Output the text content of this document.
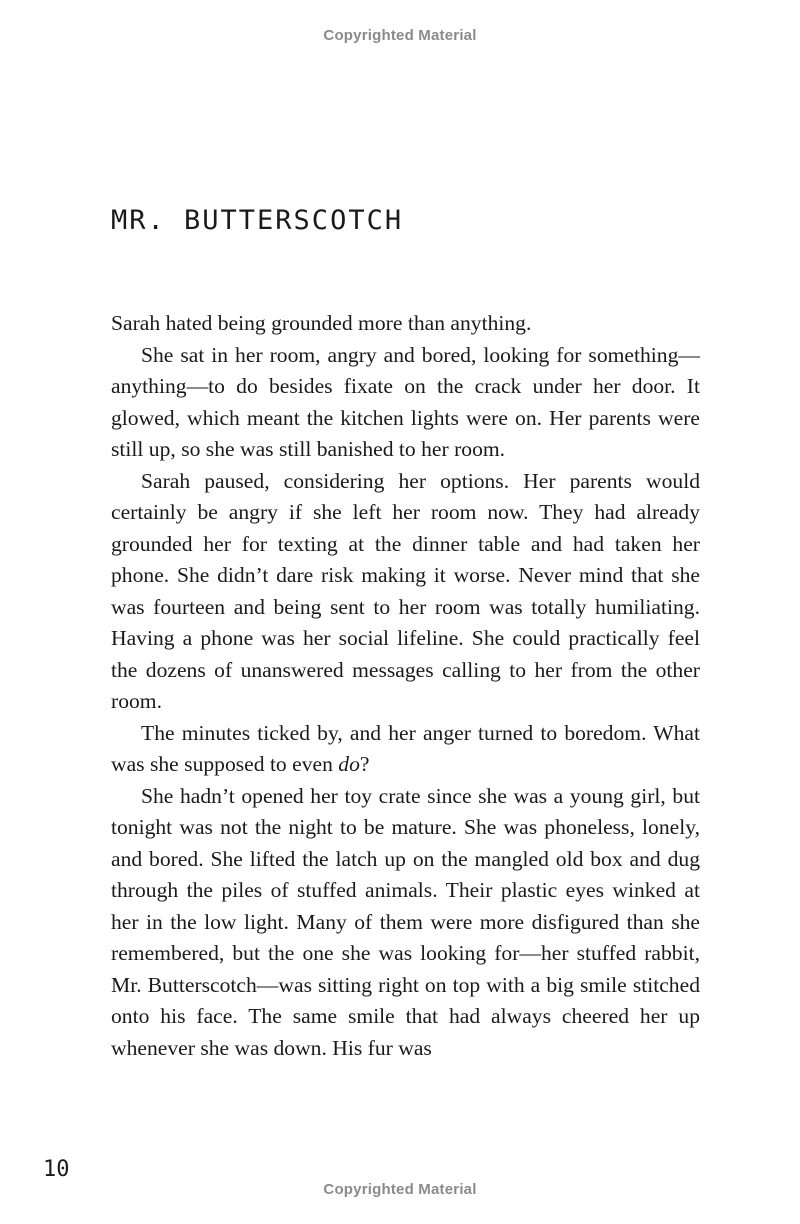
Copyrighted Material
MR. BUTTERSCOTCH

Sarah hated being grounded more than anything.

She sat in her room, angry and bored, looking for something—anything—to do besides fixate on the crack under her door. It glowed, which meant the kitchen lights were on. Her parents were still up, so she was still banished to her room.

Sarah paused, considering her options. Her parents would certainly be angry if she left her room now. They had already grounded her for texting at the dinner table and had taken her phone. She didn’t dare risk making it worse. Never mind that she was fourteen and being sent to her room was totally humiliating. Having a phone was her social lifeline. She could practically feel the dozens of unanswered messages calling to her from the other room.

The minutes ticked by, and her anger turned to boredom. What was she supposed to even do?

She hadn’t opened her toy crate since she was a young girl, but tonight was not the night to be mature. She was phoneless, lonely, and bored. She lifted the latch up on the mangled old box and dug through the piles of stuffed animals. Their plastic eyes winked at her in the low light. Many of them were more disfigured than she remembered, but the one she was looking for—her stuffed rabbit, Mr. Butterscotch—was sitting right on top with a big smile stitched onto his face. The same smile that had always cheered her up whenever she was down. His fur was

10
Copyrighted Material
